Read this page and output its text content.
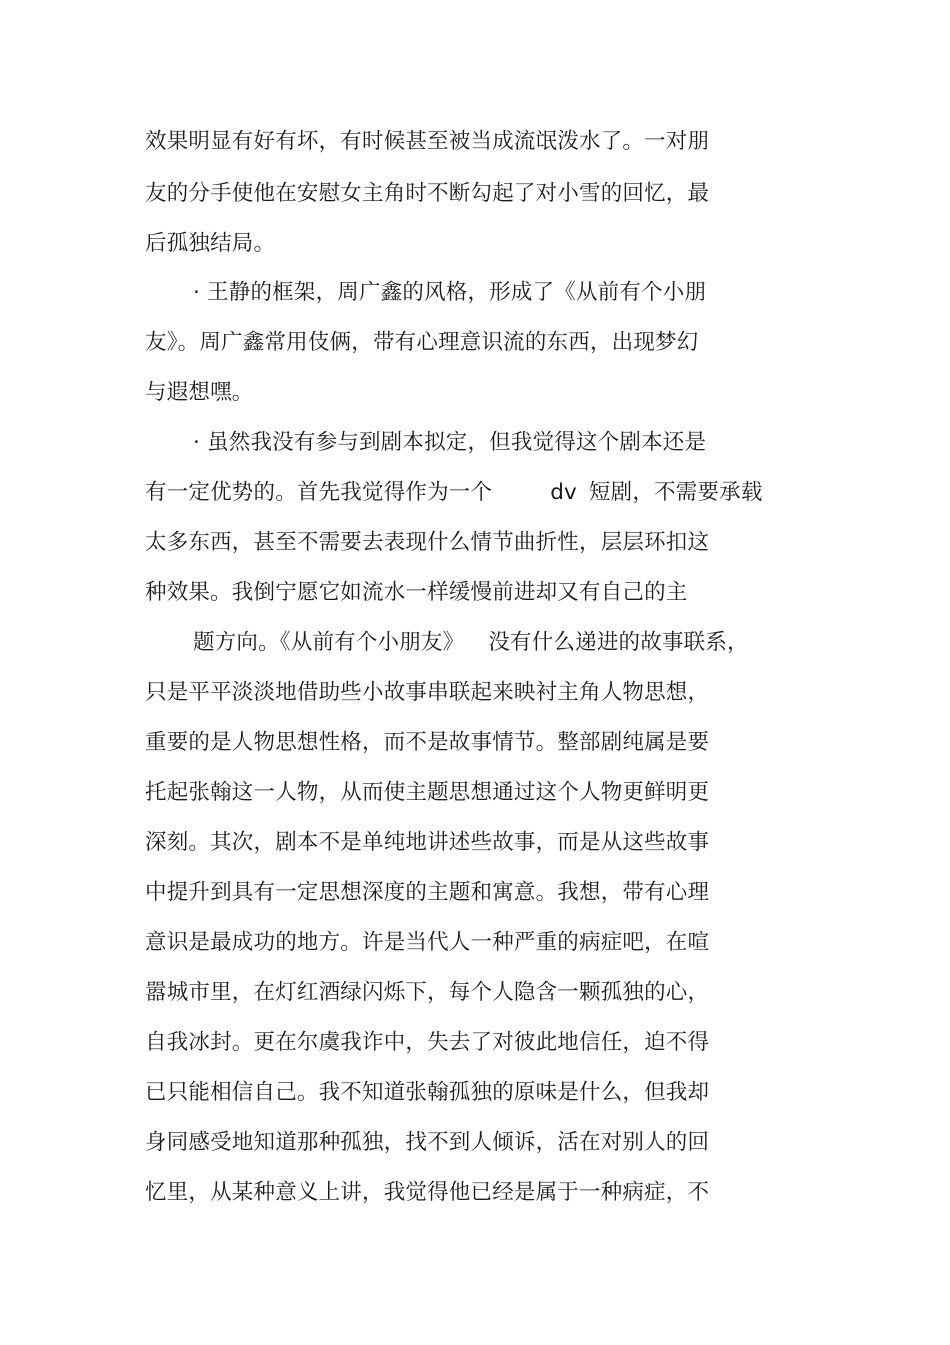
效果明显有好有坏，有时候甚至被当成流氓泼水了。一对朋
友的分手使他在安慰女主角时不断勾起了对小雪的回忆，最
后孤独结局。
· 王静的框架，周广鑫的风格，形成了《从前有个小朋
友》。周广鑫常用伎俩，带有心理意识流的东西，出现梦幻
与遐想嘿。
· 虽然我没有参与到剧本拟定，但我觉得这个剧本还是
有一定优势的。首先我觉得作为一个	dv 短剧，不需要承载
太多东西，甚至不需要去表现什么情节曲折性，层层环扣这
种效果。我倒宁愿它如流水一样缓慢前进却又有自己的主
题方向。《从前有个小朋友》 没有什么递进的故事联系，
只是平平淡淡地借助些小故事串联起来映衬主角人物思想，
重要的是人物思想性格，而不是故事情节。整部剧纯属是要
托起张翰这一人物，从而使主题思想通过这个人物更鲜明更
深刻。其次，剧本不是单纯地讲述些故事，而是从这些故事
中提升到具有一定思想深度的主题和寓意。我想，带有心理
意识是最成功的地方。许是当代人一种严重的病症吧，在喧
嚣城市里，在灯红酒绿闪烁下，每个人隐含一颗孤独的心，
自我冰封。更在尔虞我诈中，失去了对彼此地信任，迫不得
已只能相信自己。我不知道张翰孤独的原味是什么，但我却
身同感受地知道那种孤独，找不到人倾诉，活在对别人的回
忆里，从某种意义上讲，我觉得他已经是属于一种病症，不
